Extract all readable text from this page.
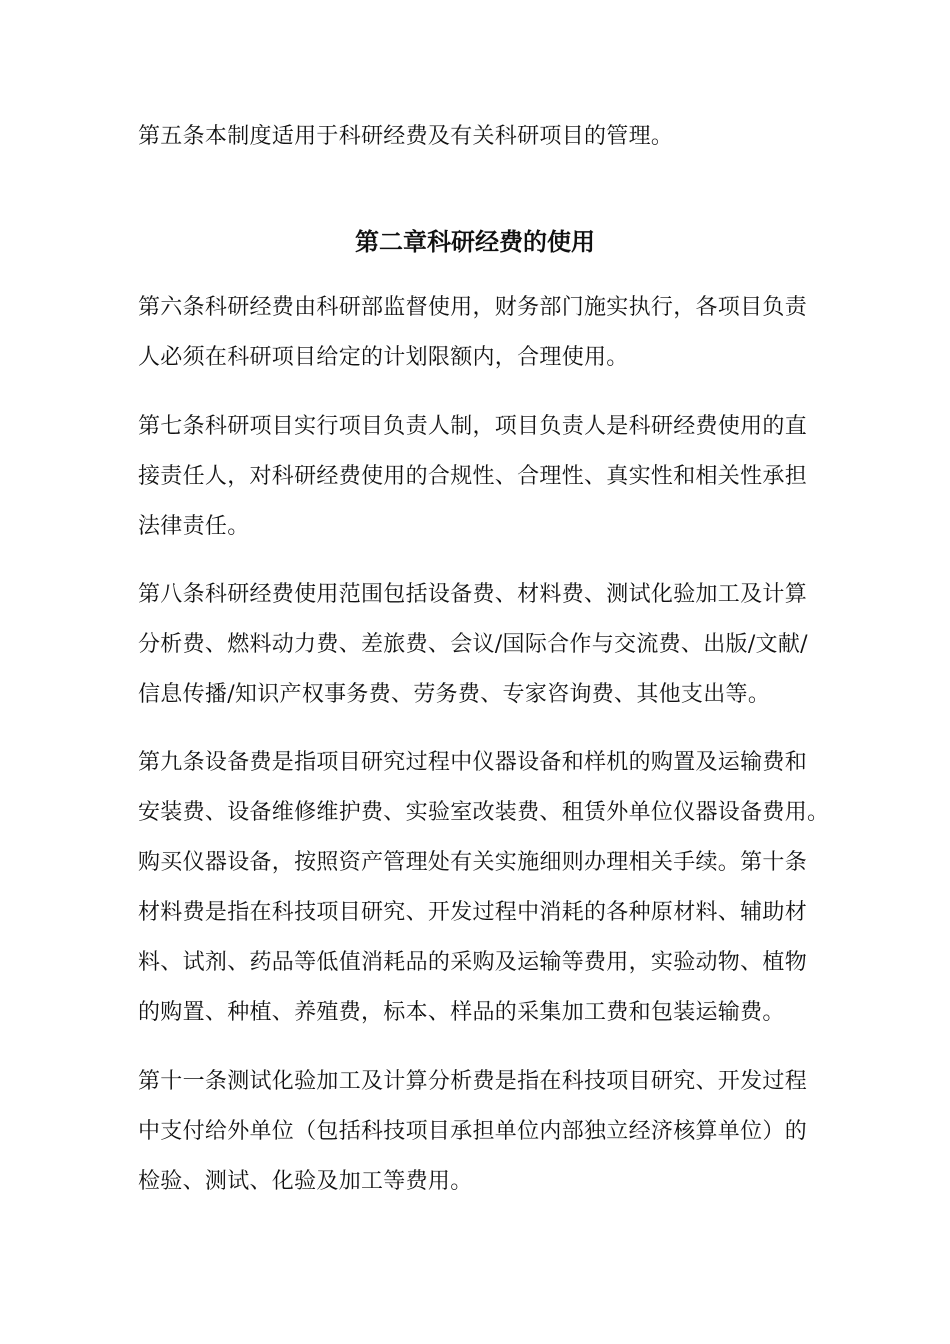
第五条本制度适用于科研经费及有关科研项目的管理。

第二章科研经费的使用

第六条科研经费由科研部监督使用，财务部门施实执行，各项目负责
人必须在科研项目给定的计划限额内，合理使用。

第七条科研项目实行项目负责人制，项目负责人是科研经费使用的直
接责任人，对科研经费使用的合规性、合理性、真实性和相关性承担
法律责任。

第八条科研经费使用范围包括设备费、材料费、测试化验加工及计算
分析费、燃料动力费、差旅费、会议/国际合作与交流费、出版/文献/
信息传播/知识产权事务费、劳务费、专家咨询费、其他支出等。

第九条设备费是指项目研究过程中仪器设备和样机的购置及运输费和
安装费、设备维修维护费、实验室改装费、租赁外单位仪器设备费用。
购买仪器设备，按照资产管理处有关实施细则办理相关手续。第十条
材料费是指在科技项目研究、开发过程中消耗的各种原材料、辅助材
料、试剂、药品等低值消耗品的采购及运输等费用，实验动物、植物
的购置、种植、养殖费，标本、样品的采集加工费和包装运输费。

第十一条测试化验加工及计算分析费是指在科技项目研究、开发过程
中支付给外单位（包括科技项目承担单位内部独立经济核算单位）的
检验、测试、化验及加工等费用。
